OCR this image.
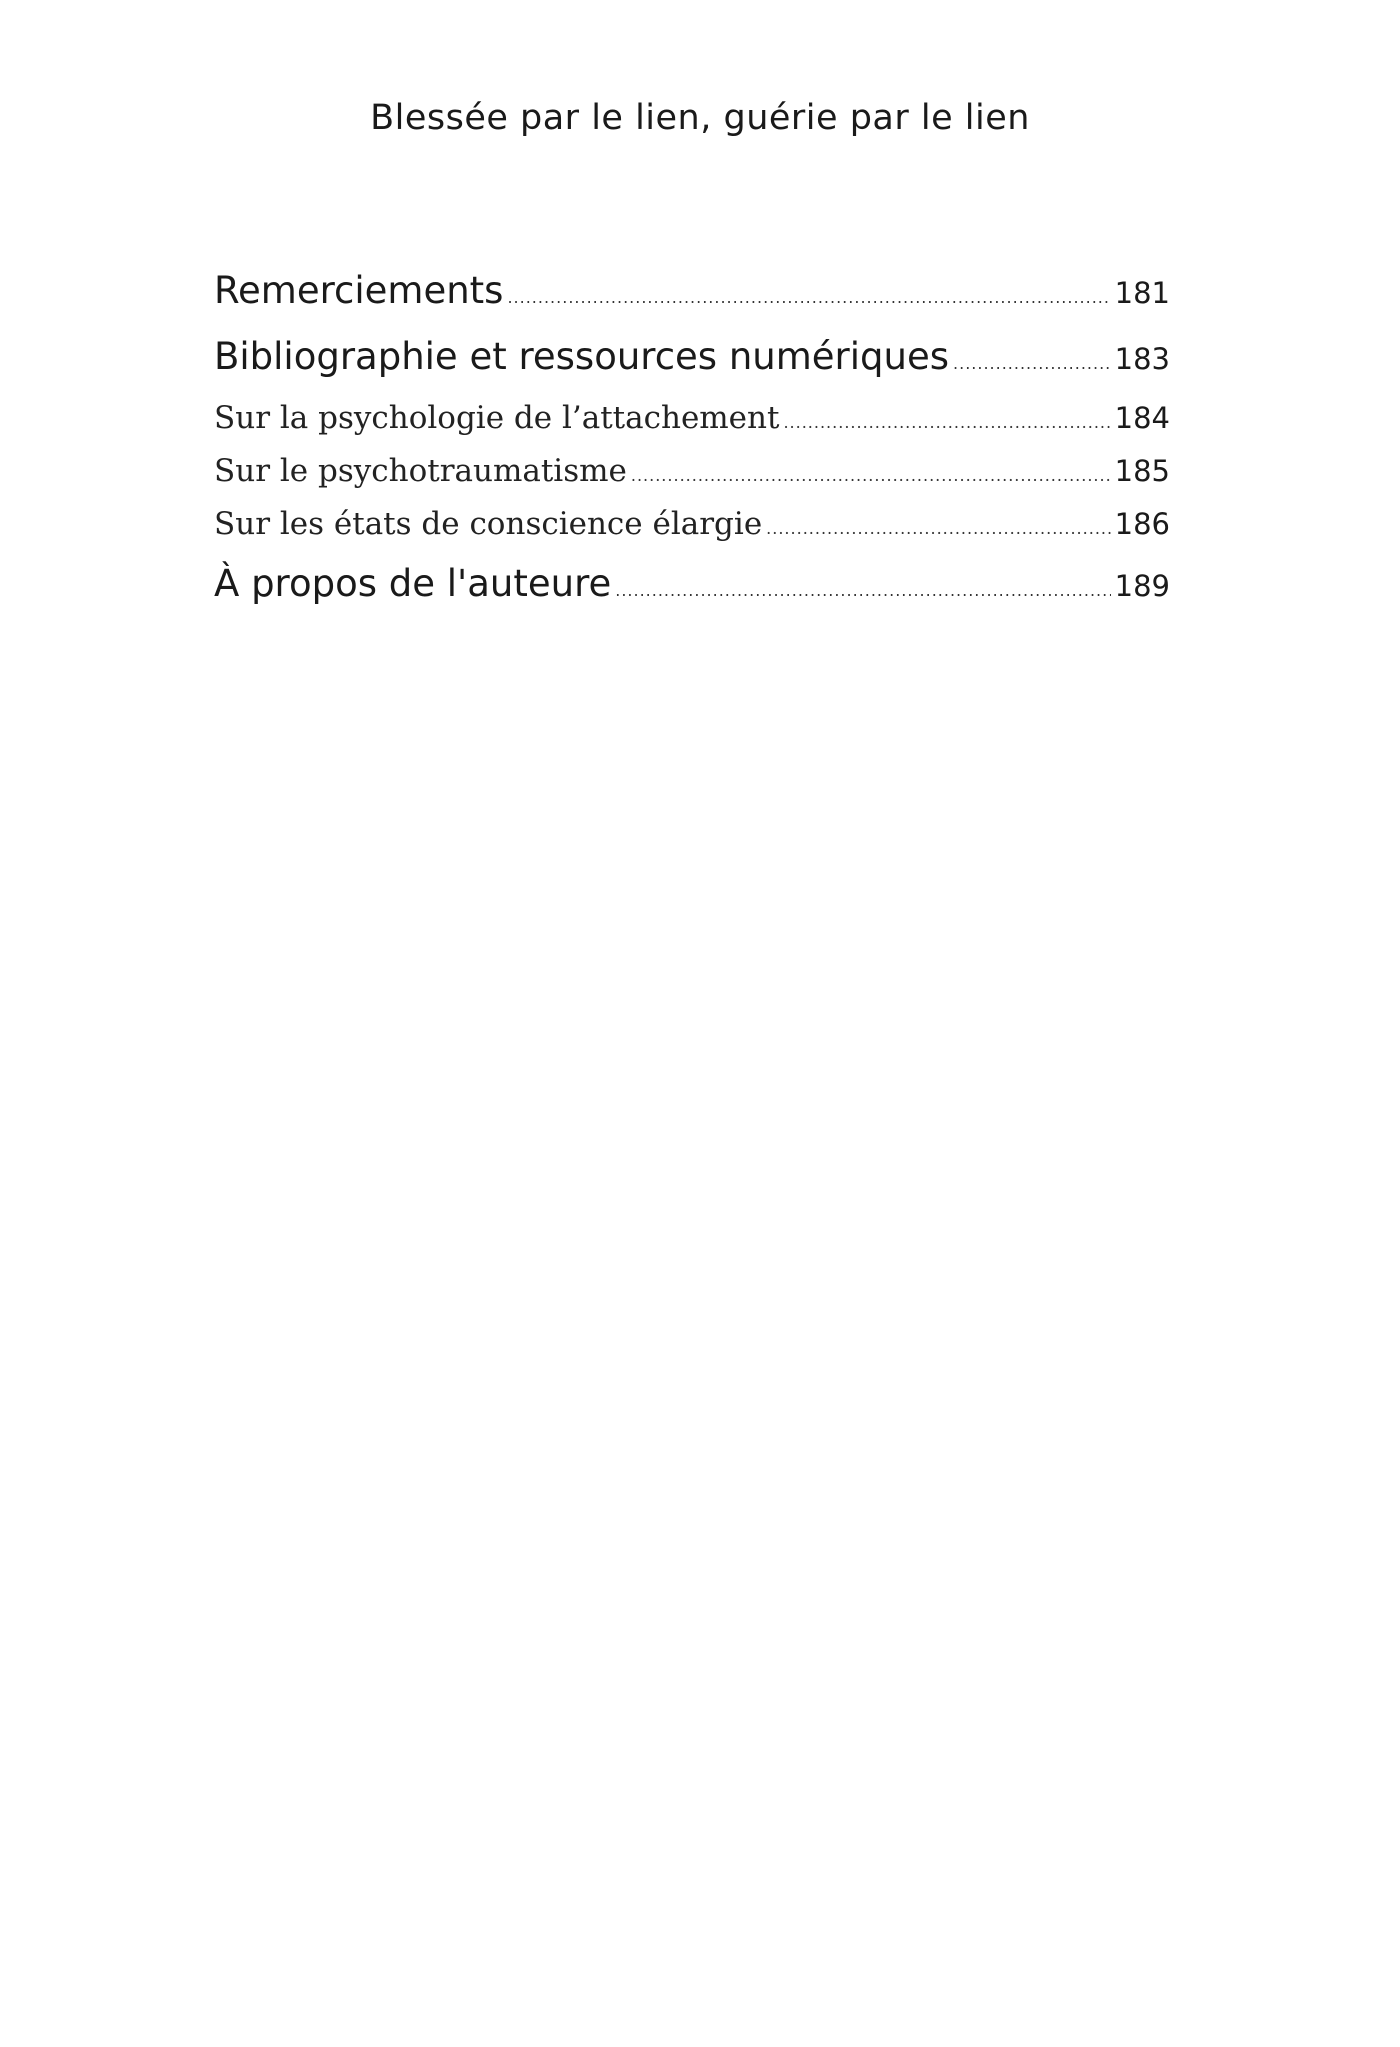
Blessée par le lien, guérie par le lien
Remerciements .....	181
Bibliographie et ressources numériques .....	183
Sur la psychologie de l’attachement .....	184
Sur le psychotraumatisme .....	185
Sur les états de conscience élargie .....	186
À propos de l'auteure .....	189
